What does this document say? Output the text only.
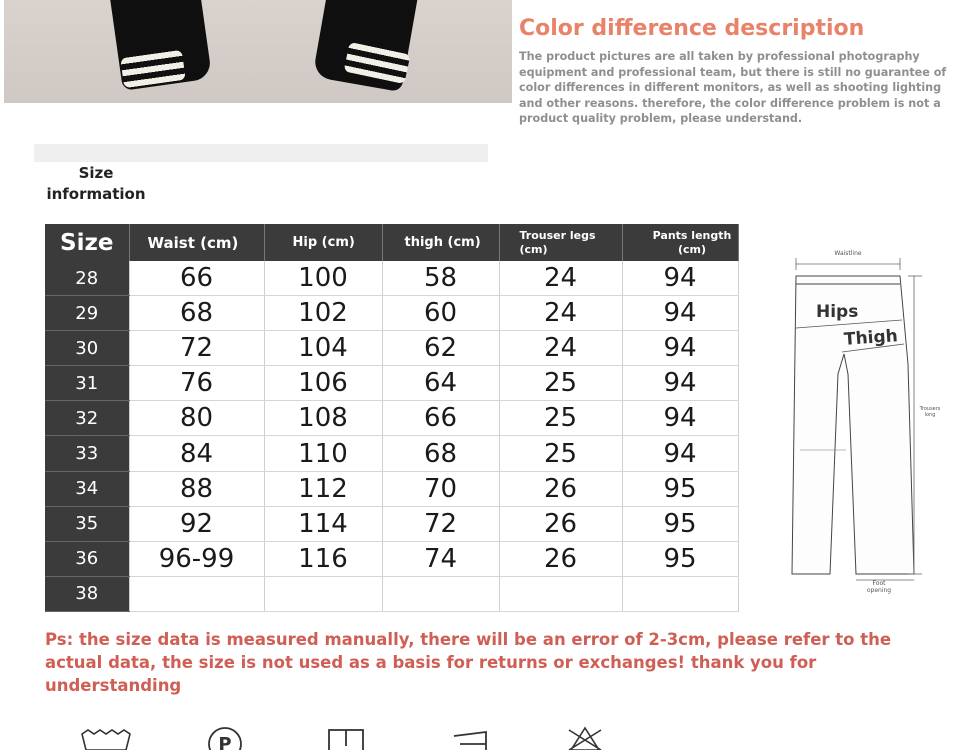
Color difference description
The product pictures are all taken by professional photography equipment and professional team, but there is still no guarantee of color differences in different monitors, as well as shooting lighting and other reasons. therefore, the color difference problem is not a product quality problem, please understand.
Size information
Size	Waist (cm)	Hip (cm)	thigh (cm)	Trouser legs (cm)	Pants length (cm)
28	66	100	58	24	94
29	68	102	60	24	94
30	72	104	62	24	94
31	76	106	64	25	94
32	80	108	66	25	94
33	84	110	68	25	94
34	88	112	70	26	95
35	92	114	72	26	95
36	96-99	116	74	26	95
38					
Waistline
Hips
Thigh
Trousers long
Foot opening

Ps: the size data is measured manually, there will be an error of 2-3cm, please refer to the actual data, the size is not used as a basis for returns or exchanges! thank you for understanding

P
